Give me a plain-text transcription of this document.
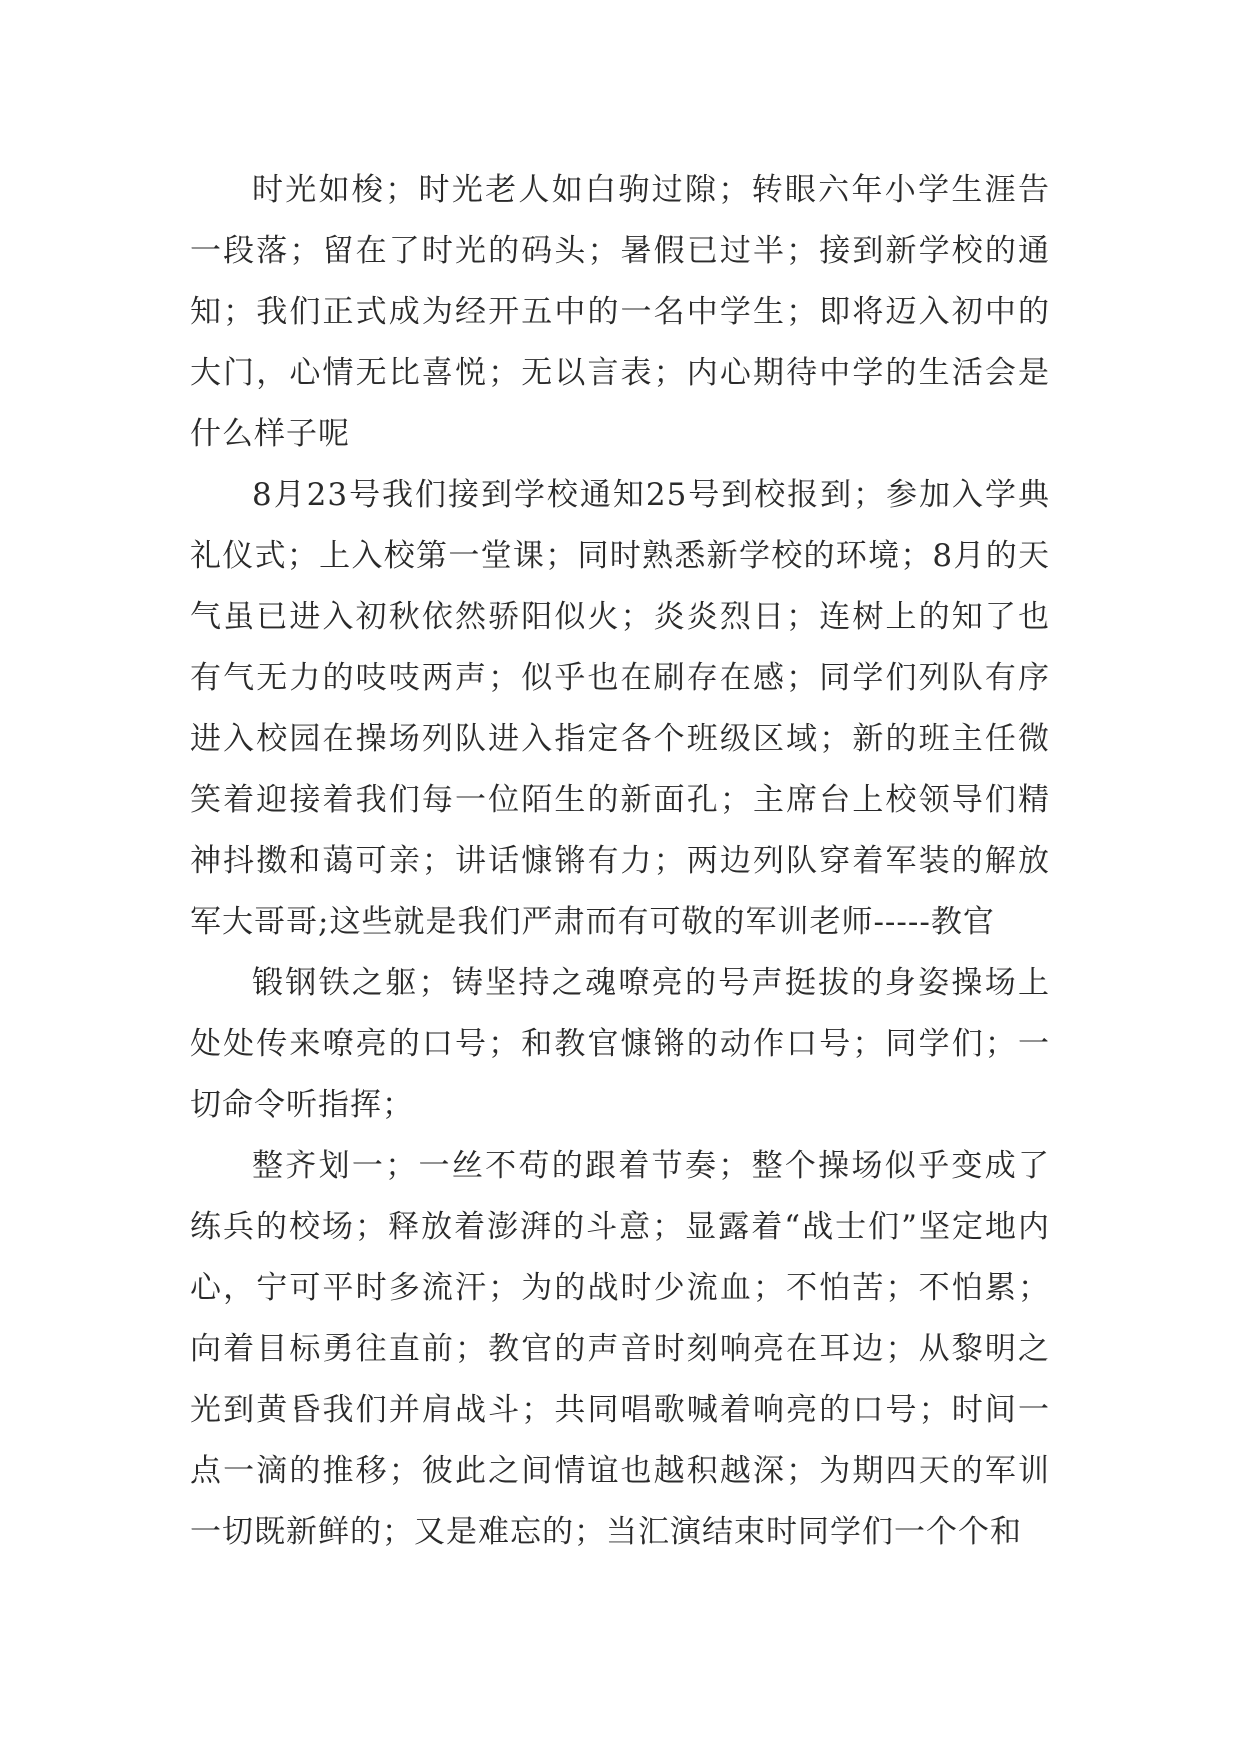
时光如梭；时光老人如白驹过隙；转眼六年小学生涯告一段落；留在了时光的码头；暑假已过半；接到新学校的通知；我们正式成为经开五中的一名中学生；即将迈入初中的大门，心情无比喜悦；无以言表；内心期待中学的生活会是什么样子呢

8月23号我们接到学校通知25号到校报到；参加入学典礼仪式；上入校第一堂课；同时熟悉新学校的环境；8月的天气虽已进入初秋依然骄阳似火；炎炎烈日；连树上的知了也有气无力的吱吱两声；似乎也在刷存在感；同学们列队有序进入校园在操场列队进入指定各个班级区域；新的班主任微笑着迎接着我们每一位陌生的新面孔；主席台上校领导们精神抖擞和蔼可亲；讲话慷锵有力；两边列队穿着军装的解放军大哥哥;这些就是我们严肃而有可敬的军训老师-----教官

锻钢铁之躯；铸坚持之魂嘹亮的号声挺拔的身姿操场上处处传来嘹亮的口号；和教官慷锵的动作口号；同学们；一切命令听指挥；

整齐划一；一丝不苟的跟着节奏；整个操场似乎变成了练兵的校场；释放着澎湃的斗意；显露着“战士们”坚定地内心，宁可平时多流汗；为的战时少流血；不怕苦；不怕累；向着目标勇往直前；教官的声音时刻响亮在耳边；从黎明之光到黄昏我们并肩战斗；共同唱歌喊着响亮的口号；时间一点一滴的推移；彼此之间情谊也越积越深；为期四天的军训一切既新鲜的；又是难忘的；当汇演结束时同学们一个个和
